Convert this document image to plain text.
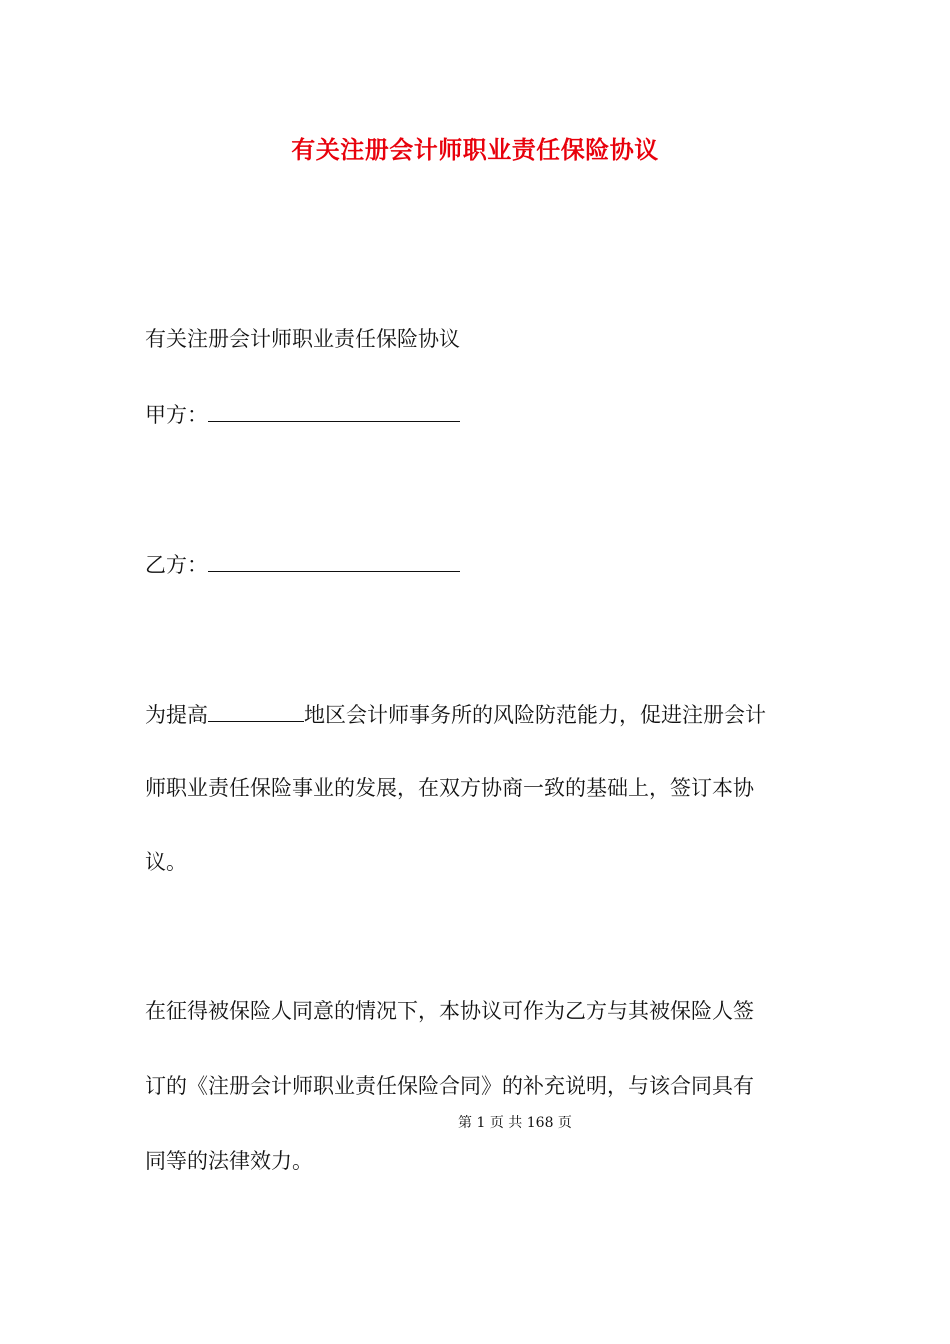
有关注册会计师职业责任保险协议

有关注册会计师职业责任保险协议

甲方：

乙方：

为提高	地区会计师事务所的风险防范能力，促进注册会计

师职业责任保险事业的发展，在双方协商一致的基础上，签订本协

议。

在征得被保险人同意的情况下，本协议可作为乙方与其被保险人签

订的《注册会计师职业责任保险合同》的补充说明，与该合同具有

第 1 页 共 168 页

同等的法律效力。
